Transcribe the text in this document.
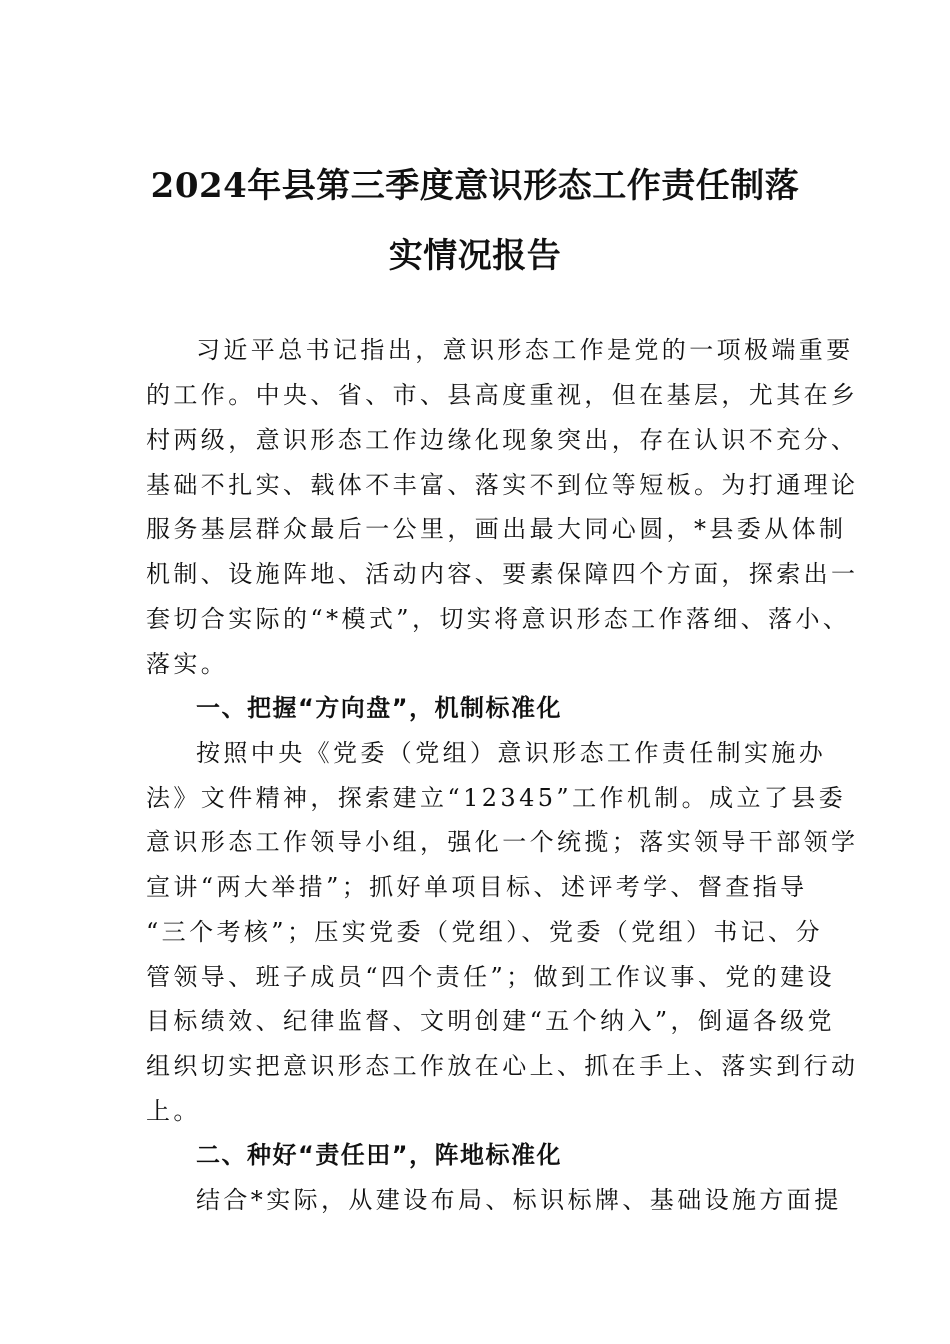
2024年县第三季度意识形态工作责任制落
实情况报告
习近平总书记指出，意识形态工作是党的一项极端重要
的工作。中央、省、市、县高度重视，但在基层，尤其在乡
村两级，意识形态工作边缘化现象突出，存在认识不充分、
基础不扎实、载体不丰富、落实不到位等短板。为打通理论
服务基层群众最后一公里，画出最大同心圆，*县委从体制
机制、设施阵地、活动内容、要素保障四个方面，探索出一
套切合实际的“*模式”，切实将意识形态工作落细、落小、
落实。
一、把握“方向盘”，机制标准化
按照中央《党委（党组）意识形态工作责任制实施办
法》文件精神，探索建立“12345”工作机制。成立了县委
意识形态工作领导小组，强化一个统揽；落实领导干部领学
宣讲“两大举措”；抓好单项目标、述评考学、督查指导
“三个考核”；压实党委（党组）、党委（党组）书记、分
管领导、班子成员“四个责任”；做到工作议事、党的建设
目标绩效、纪律监督、文明创建“五个纳入”，倒逼各级党
组织切实把意识形态工作放在心上、抓在手上、落实到行动
上。
二、种好“责任田”，阵地标准化
结合*实际，从建设布局、标识标牌、基础设施方面提
